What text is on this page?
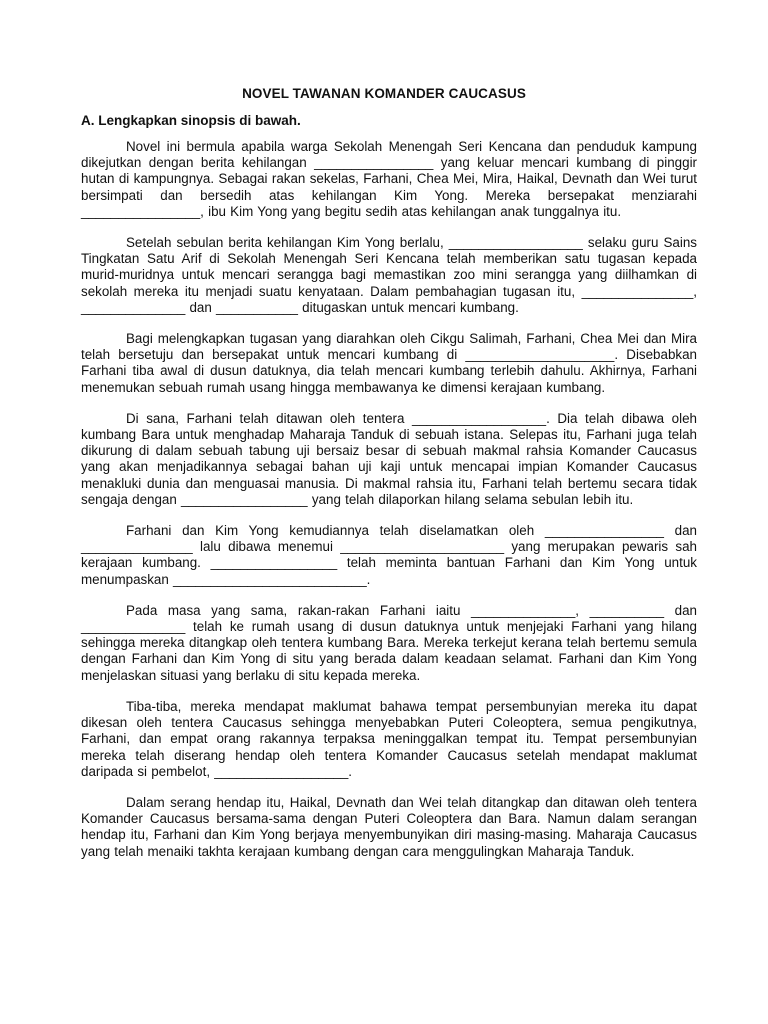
NOVEL TAWANAN KOMANDER CAUCASUS
A. Lengkapkan sinopsis di bawah.

Novel ini bermula apabila warga Sekolah Menengah Seri Kencana dan penduduk kampung dikejutkan dengan berita kehilangan ________________ yang keluar mencari kumbang di pinggir hutan di kampungnya. Sebagai rakan sekelas, Farhani, Chea Mei, Mira, Haikal, Devnath dan Wei turut bersimpati dan bersedih atas kehilangan Kim Yong. Mereka bersepakat menziarahi ________________, ibu Kim Yong yang begitu sedih atas kehilangan anak tunggalnya itu.

Setelah sebulan berita kehilangan Kim Yong berlalu, __________________ selaku guru Sains Tingkatan Satu Arif di Sekolah Menengah Seri Kencana telah memberikan satu tugasan kepada murid-muridnya untuk mencari serangga bagi memastikan zoo mini serangga yang diilhamkan di sekolah mereka itu menjadi suatu kenyataan. Dalam pembahagian tugasan itu, _______________, ______________ dan ___________ ditugaskan untuk mencari kumbang.

Bagi melengkapkan tugasan yang diarahkan oleh Cikgu Salimah, Farhani, Chea Mei dan Mira telah bersetuju dan bersepakat untuk mencari kumbang di ____________________. Disebabkan Farhani tiba awal di dusun datuknya, dia telah mencari kumbang terlebih dahulu. Akhirnya, Farhani menemukan sebuah rumah usang hingga membawanya ke dimensi kerajaan kumbang.

Di sana, Farhani telah ditawan oleh tentera __________________. Dia telah dibawa oleh kumbang Bara untuk menghadap Maharaja Tanduk di sebuah istana. Selepas itu, Farhani juga telah dikurung di dalam sebuah tabung uji bersaiz besar di sebuah makmal rahsia Komander Caucasus yang akan menjadikannya sebagai bahan uji kaji untuk mencapai impian Komander Caucasus menakluki dunia dan menguasai manusia. Di makmal rahsia itu, Farhani telah bertemu secara tidak sengaja dengan _________________ yang telah dilaporkan hilang selama sebulan lebih itu.

Farhani dan Kim Yong kemudiannya telah diselamatkan oleh ________________ dan _______________ lalu dibawa menemui ______________________ yang merupakan pewaris sah kerajaan kumbang. _________________ telah meminta bantuan Farhani dan Kim Yong untuk menumpaskan __________________________.

Pada masa yang sama, rakan-rakan Farhani iaitu ______________, __________ dan ______________ telah ke rumah usang di dusun datuknya untuk menjejaki Farhani yang hilang sehingga mereka ditangkap oleh tentera kumbang Bara. Mereka terkejut kerana telah bertemu semula dengan Farhani dan Kim Yong di situ yang berada dalam keadaan selamat. Farhani dan Kim Yong menjelaskan situasi yang berlaku di situ kepada mereka.

Tiba-tiba, mereka mendapat maklumat bahawa tempat persembunyian mereka itu dapat dikesan oleh tentera Caucasus sehingga menyebabkan Puteri Coleoptera, semua pengikutnya, Farhani, dan empat orang rakannya terpaksa meninggalkan tempat itu. Tempat persembunyian mereka telah diserang hendap oleh tentera Komander Caucasus setelah mendapat maklumat daripada si pembelot, __________________.

Dalam serang hendap itu, Haikal, Devnath dan Wei telah ditangkap dan ditawan oleh tentera Komander Caucasus bersama-sama dengan Puteri Coleoptera dan Bara. Namun dalam serangan hendap itu, Farhani dan Kim Yong berjaya menyembunyikan diri masing-masing. Maharaja Caucasus yang telah menaiki takhta kerajaan kumbang dengan cara menggulingkan Maharaja Tanduk.
